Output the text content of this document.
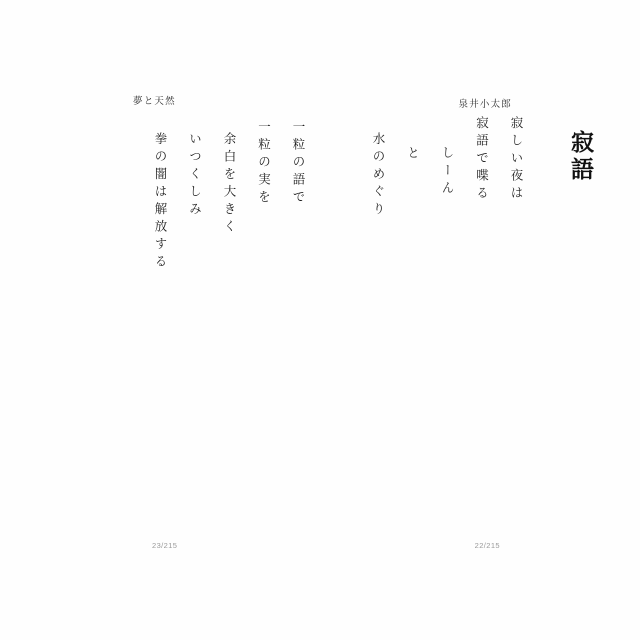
寂語
泉井小太郎
夢と天然
寂しい夜は
寂語で喋る
しーん
と
水のめぐり
一粒の語で
一粒の実を
余白を大きく
いつくしみ
拳の闇は解放する
22/215
23/215
